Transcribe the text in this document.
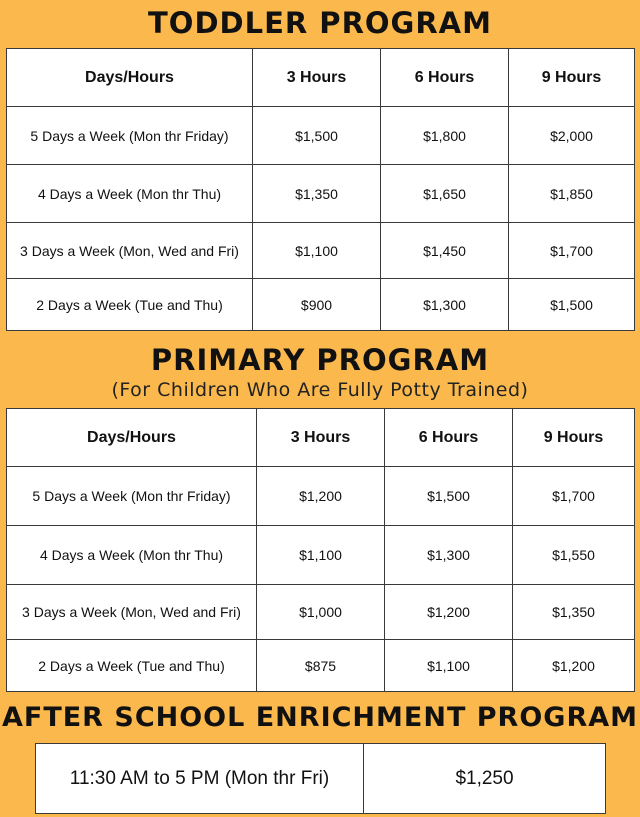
TODDLER PROGRAM
Days/Hours	3 Hours	6 Hours	9 Hours
5 Days a Week (Mon thr Friday)	$1,500	$1,800	$2,000
4 Days a Week (Mon thr Thu)	$1,350	$1,650	$1,850
3 Days a Week (Mon, Wed and Fri)	$1,100	$1,450	$1,700
2 Days a Week (Tue and Thu)	$900	$1,300	$1,500
PRIMARY PROGRAM

(For Children Who Are Fully Potty Trained)

Days/Hours	3 Hours	6 Hours	9 Hours
5 Days a Week (Mon thr Friday)	$1,200	$1,500	$1,700
4 Days a Week (Mon thr Thu)	$1,100	$1,300	$1,550
3 Days a Week (Mon, Wed and Fri)	$1,000	$1,200	$1,350
2 Days a Week (Tue and Thu)	$875	$1,100	$1,200
AFTER SCHOOL ENRICHMENT PROGRAM
11:30 AM to 5 PM (Mon thr Fri)	$1,250
